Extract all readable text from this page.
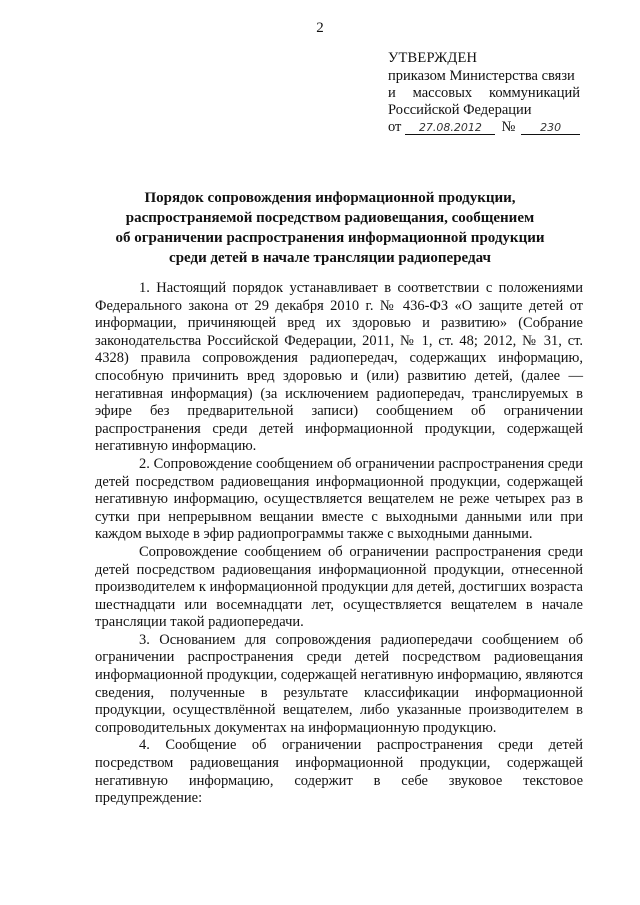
2
УТВЕРЖДЕН
приказом Министерства связи
и массовых коммуникаций
Российской Федерации
от	27.08.2012	№	230
Порядок сопровождения информационной продукции,
распространяемой посредством радиовещания, сообщением
об ограничении распространения информационной продукции
среди детей в начале трансляции радиопередач

1. Настоящий порядок устанавливает в соответствии с положениями Федерального закона от 29 декабря 2010 г. № 436-ФЗ «О защите детей от информации, причиняющей вред их здоровью и развитию» (Собрание законодательства Российской Федерации, 2011, № 1, ст. 48; 2012, № 31, ст. 4328) правила сопровождения радиопередач, содержащих информацию, способную причинить вред здоровью и (или) развитию детей, (далее — негативная информация) (за исключением радиопередач, транслируемых в эфире без предварительной записи) сообщением об ограничении распространения среди детей информационной продукции, содержащей негативную информацию.

2. Сопровождение сообщением об ограничении распространения среди детей посредством радиовещания информационной продукции, содержащей негативную информацию, осуществляется вещателем не реже четырех раз в сутки при непрерывном вещании вместе с выходными данными или при каждом выходе в эфир радиопрограммы также с выходными данными.

Сопровождение сообщением об ограничении распространения среди детей посредством радиовещания информационной продукции, отнесенной производителем к информационной продукции для детей, достигших возраста шестнадцати или восемнадцати лет, осуществляется вещателем в начале трансляции такой радиопередачи.

3. Основанием для сопровождения радиопередачи сообщением об ограничении распространения среди детей посредством радиовещания информационной продукции, содержащей негативную информацию, являются сведения, полученные в результате классификации информационной продукции, осуществлённой вещателем, либо указанные производителем в сопроводительных документах на информационную продукцию.

4. Сообщение об ограничении распространения среди детей посредством радиовещания информационной продукции, содержащей негативную информацию, содержит в себе звуковое текстовое предупреждение:
